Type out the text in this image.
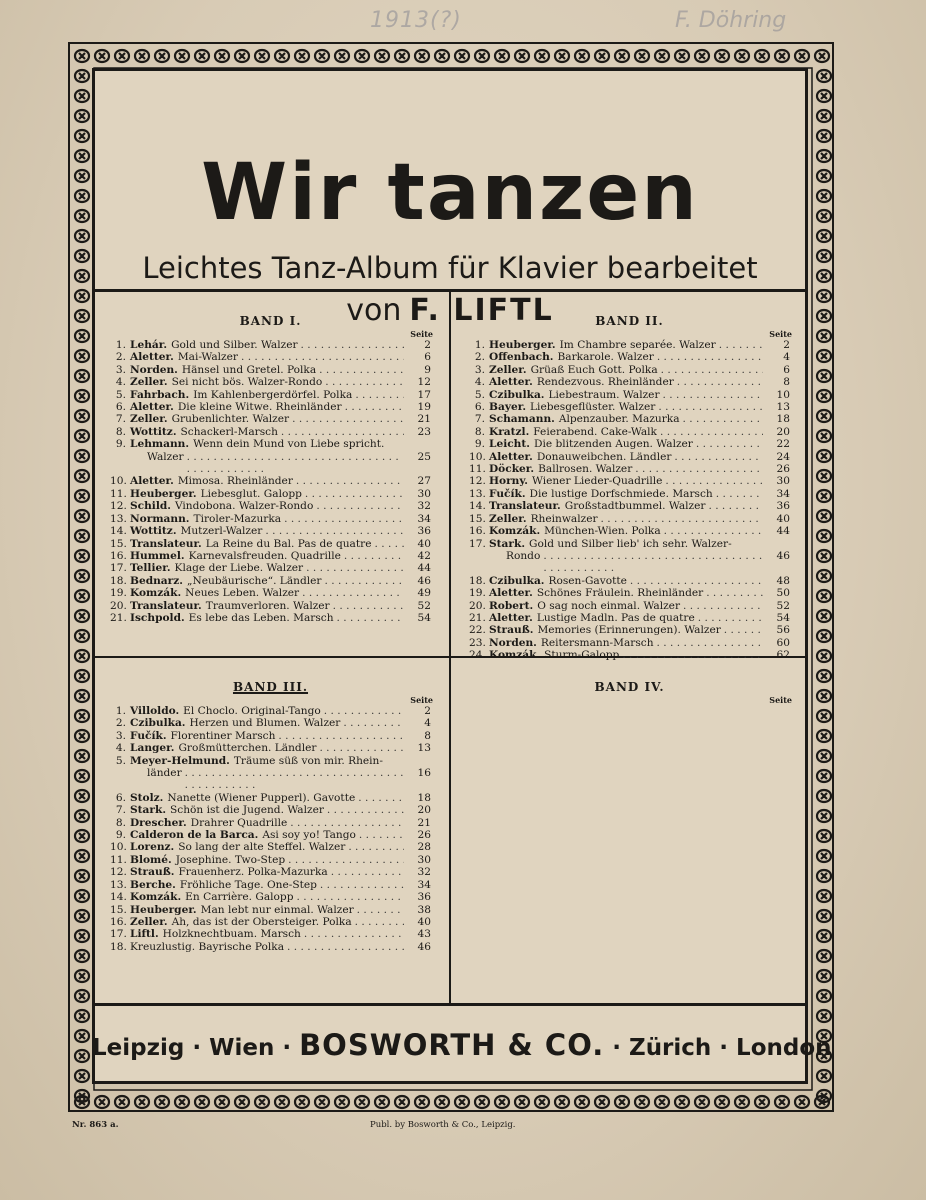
1913(?)	F. Döhring
Wir tanzen
Leichtes Tanz-Album für Klavier bearbeitet
von F. LIFTL
BAND I.
Seite
1. Lehár. Gold und Silber. Walzer . . .	2
2. Aletter. Mai-Walzer . . .	6
3. Norden. Hänsel und Gretel. Polka . . .	9
4. Zeller. Sei nicht bös. Walzer-Rondo . . .	12
5. Fahrbach. Im Kahlenbergerdörfel. Polka . . .	17
6. Aletter. Die kleine Witwe. Rheinländer . . .	19
7. Zeller. Grubenlichter. Walzer . . .	21
8. Wottitz. Schackerl-Marsch . . .	23
9. Lehmann. Wenn dein Mund von Liebe spricht.
Walzer . . .	25
10. Aletter. Mimosa. Rheinländer . . .	27
11. Heuberger. Liebesglut. Galopp . . .	30
12. Schild. Vindobona. Walzer-Rondo . . .	32
13. Normann. Tiroler-Mazurka . . .	34
14. Wottitz. Mutzerl-Walzer . . .	36
15. Translateur. La Reine du Bal. Pas de quatre . . .	40
16. Hummel. Karnevalsfreuden. Quadrille . . .	42
17. Tellier. Klage der Liebe. Walzer . . .	44
18. Bednarz. „Neubäurische“. Ländler . . .	46
19. Komzák. Neues Leben. Walzer . . .	49
20. Translateur. Traumverloren. Walzer . . .	52
21. Ischpold. Es lebe das Leben. Marsch . . .	54
BAND II.
Seite
1. Heuberger. Im Chambre separée. Walzer . . .	2
2. Offenbach. Barkarole. Walzer . . .	4
3. Zeller. Grüaß Euch Gott. Polka . . .	6
4. Aletter. Rendezvous. Rheinländer . . .	8
5. Czibulka. Liebestraum. Walzer . . .	10
6. Bayer. Liebesgeflüster. Walzer . . .	13
7. Schamann. Alpenzauber. Mazurka . . .	18
8. Kratzl. Feierabend. Cake-Walk . . .	20
9. Leicht. Die blitzenden Augen. Walzer . . .	22
10. Aletter. Donauweibchen. Ländler . . .	24
11. Döcker. Ballrosen. Walzer . . .	26
12. Horny. Wiener Lieder-Quadrille . . .	30
13. Fučík. Die lustige Dorfschmiede. Marsch . . .	34
14. Translateur. Großstadtbummel. Walzer . . .	36
15. Zeller. Rheinwalzer . . .	40
16. Komzák. München-Wien. Polka . . .	44
17. Stark. Gold und Silber lieb' ich sehr. Walzer-
Rondo . . .	46
18. Czibulka. Rosen-Gavotte . . .	48
19. Aletter. Schönes Fräulein. Rheinländer . . .	50
20. Robert. O sag noch einmal. Walzer . . .	52
21. Aletter. Lustige Madln. Pas de quatre . . .	54
22. Strauß. Memories (Erinnerungen). Walzer . . .	56
23. Norden. Reitersmann-Marsch . . .	60
24. Komzák. Sturm-Galopp . . .	62
BAND III.
Seite
1. Villoldo. El Choclo. Original-Tango . . .	2
2. Czibulka. Herzen und Blumen. Walzer . . .	4
3. Fučík. Florentiner Marsch . . .	8
4. Langer. Großmütterchen. Ländler . . .	13
5. Meyer-Helmund. Träume süß von mir. Rhein-
länder . . .	16
6. Stolz. Nanette (Wiener Pupperl). Gavotte . . .	18
7. Stark. Schön ist die Jugend. Walzer . . .	20
8. Drescher. Drahrer Quadrille . . .	21
9. Calderon de la Barca. Asi soy yo! Tango . . .	26
10. Lorenz. So lang der alte Steffel. Walzer . . .	28
11. Blomé. Josephine. Two-Step . . .	30
12. Strauß. Frauenherz. Polka-Mazurka . . .	32
13. Berche. Fröhliche Tage. One-Step . . .	34
14. Komzák. En Carrière. Galopp . . .	36
15. Heuberger. Man lebt nur einmal. Walzer . . .	38
16. Zeller. Ah, das ist der Obersteiger. Polka . . .	40
17. Liftl. Holzknechtbuam. Marsch . . .	43
18. Kreuzlustig. Bayrische Polka . . .	46
BAND IV.
Seite
Leipzig · Wien · BOSWORTH & CO. · Zürich · London
Nr. 863 a.	Publ. by Bosworth & Co., Leipzig.
